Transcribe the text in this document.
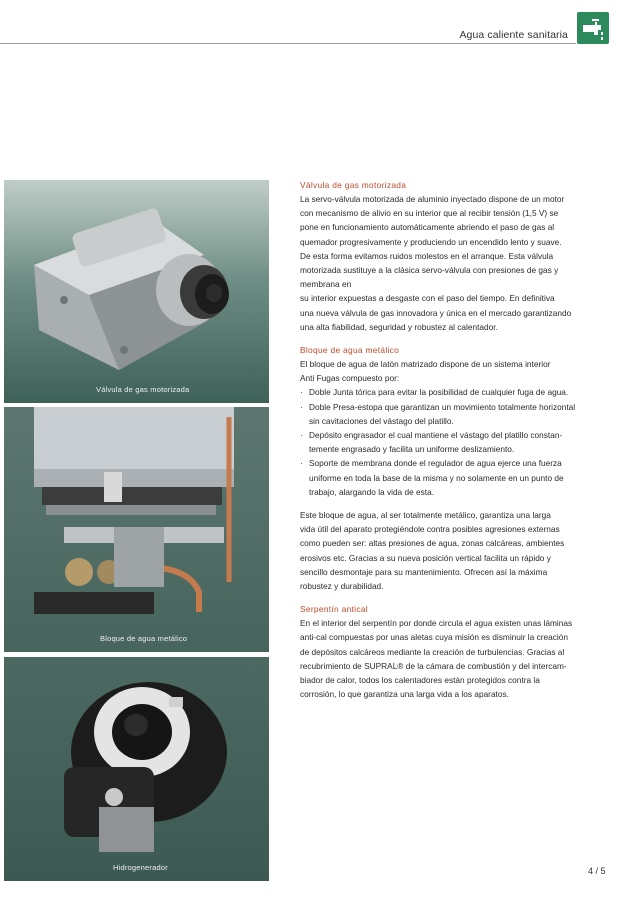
Agua caliente sanitaria
Válvula de gas motorizada
Bloque de agua metálico
Hidrogenerador
Válvula de gas motorizada

La servo-válvula motorizada de aluminio inyectado dispone de un motor

con mecanismo de alivio en su interior que al recibir tensión (1,5 V) se

pone en funcionamiento automáticamente abriendo el paso de gas al

quemador progresivamente y produciendo un encendido lento y suave.

De esta forma evitamos ruidos molestos en el arranque. Esta válvula

motorizada sustituye a la clásica servo-válvula con presiones de gas y

membrana en

su interior expuestas a desgaste con el paso del tiempo. En definitiva

una nueva válvula de gas innovadora y única en el mercado garantizando

una alta fiabilidad, seguridad y robustez al calentador.

Bloque de agua metálico

El bloque de agua de latón matrizado dispone de un sistema interior

Anti Fugas compuesto por:

· Doble Junta tórica para evitar la posibilidad de cualquier fuga de agua.
· Doble Presa-estopa que garantizan un movimiento totalmente horizontal
sin cavitaciones del vástago del platillo.
· Depósito engrasador el cual mantiene el vástago del platillo constan-
temente engrasado y facilita un uniforme deslizamiento.
· Soporte de membrana donde el regulador de agua ejerce una fuerza
uniforme en toda la base de la misma y no solamente en un punto de
trabajo, alargando la vida de esta.

Este bloque de agua, al ser totalmente metálico, garantiza una larga

vida útil del aparato protegiéndole contra posibles agresiones externas

como pueden ser: altas presiones de agua, zonas calcáreas, ambientes

erosivos etc. Gracias a su nueva posición vertical facilita un rápido y

sencillo desmontaje para su mantenimiento. Ofrecen así la máxima

robustez y durabilidad.

Serpentín antical

En el interior del serpentín por donde circula el agua existen unas láminas

anti-cal compuestas por unas aletas cuya misión es disminuir la creación

de depósitos calcáreos mediante la creación de turbulencias. Gracias al

recubrimiento de SUPRAL® de la cámara de combustión y del intercam-

biador de calor, todos los calentadores están protegidos contra la

corrosión, lo que garantiza una larga vida a los aparatos.

4 / 5
